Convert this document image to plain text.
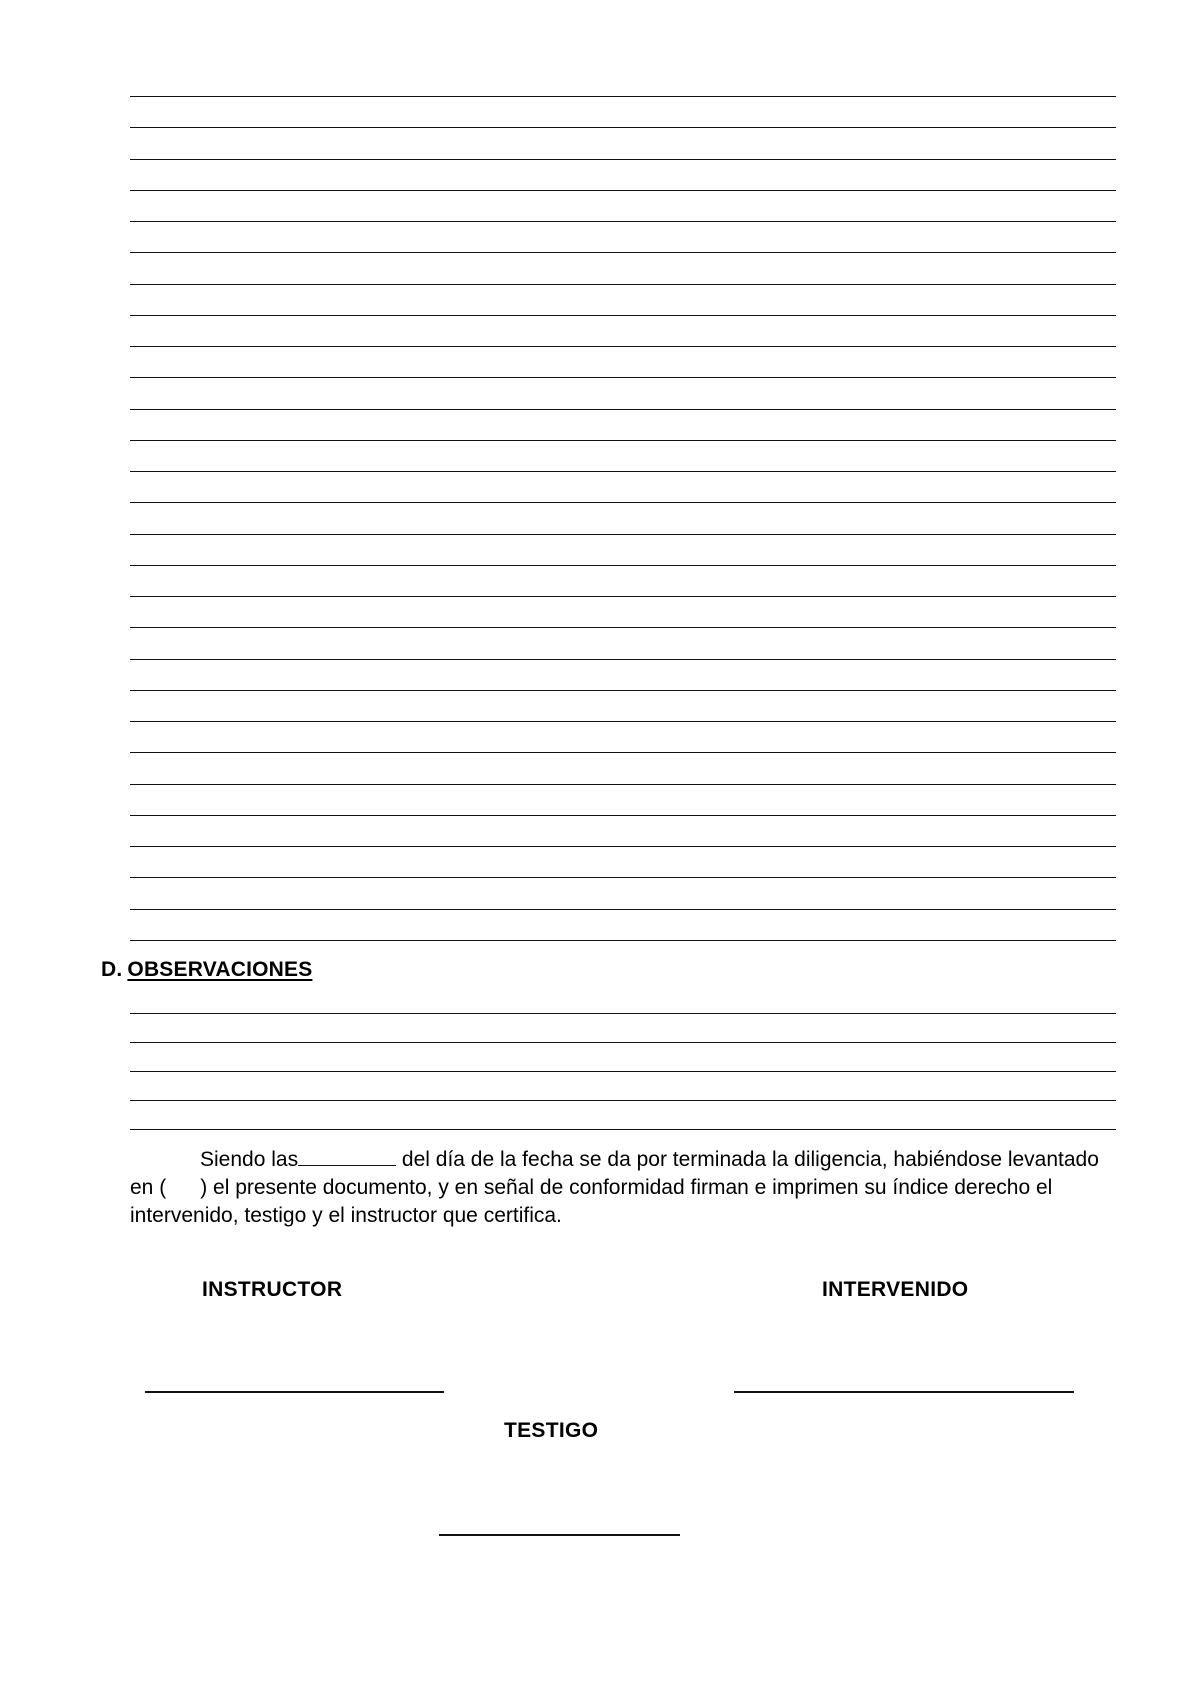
D. OBSERVACIONES
Siendo las	del día de la fecha se da por terminada la diligencia, habiéndose levantado
en ( ) el presente documento, y en señal de conformidad firman e imprimen su índice derecho el
intervenido, testigo y el instructor que certifica.
INSTRUCTOR	INTERVENIDO
TESTIGO
